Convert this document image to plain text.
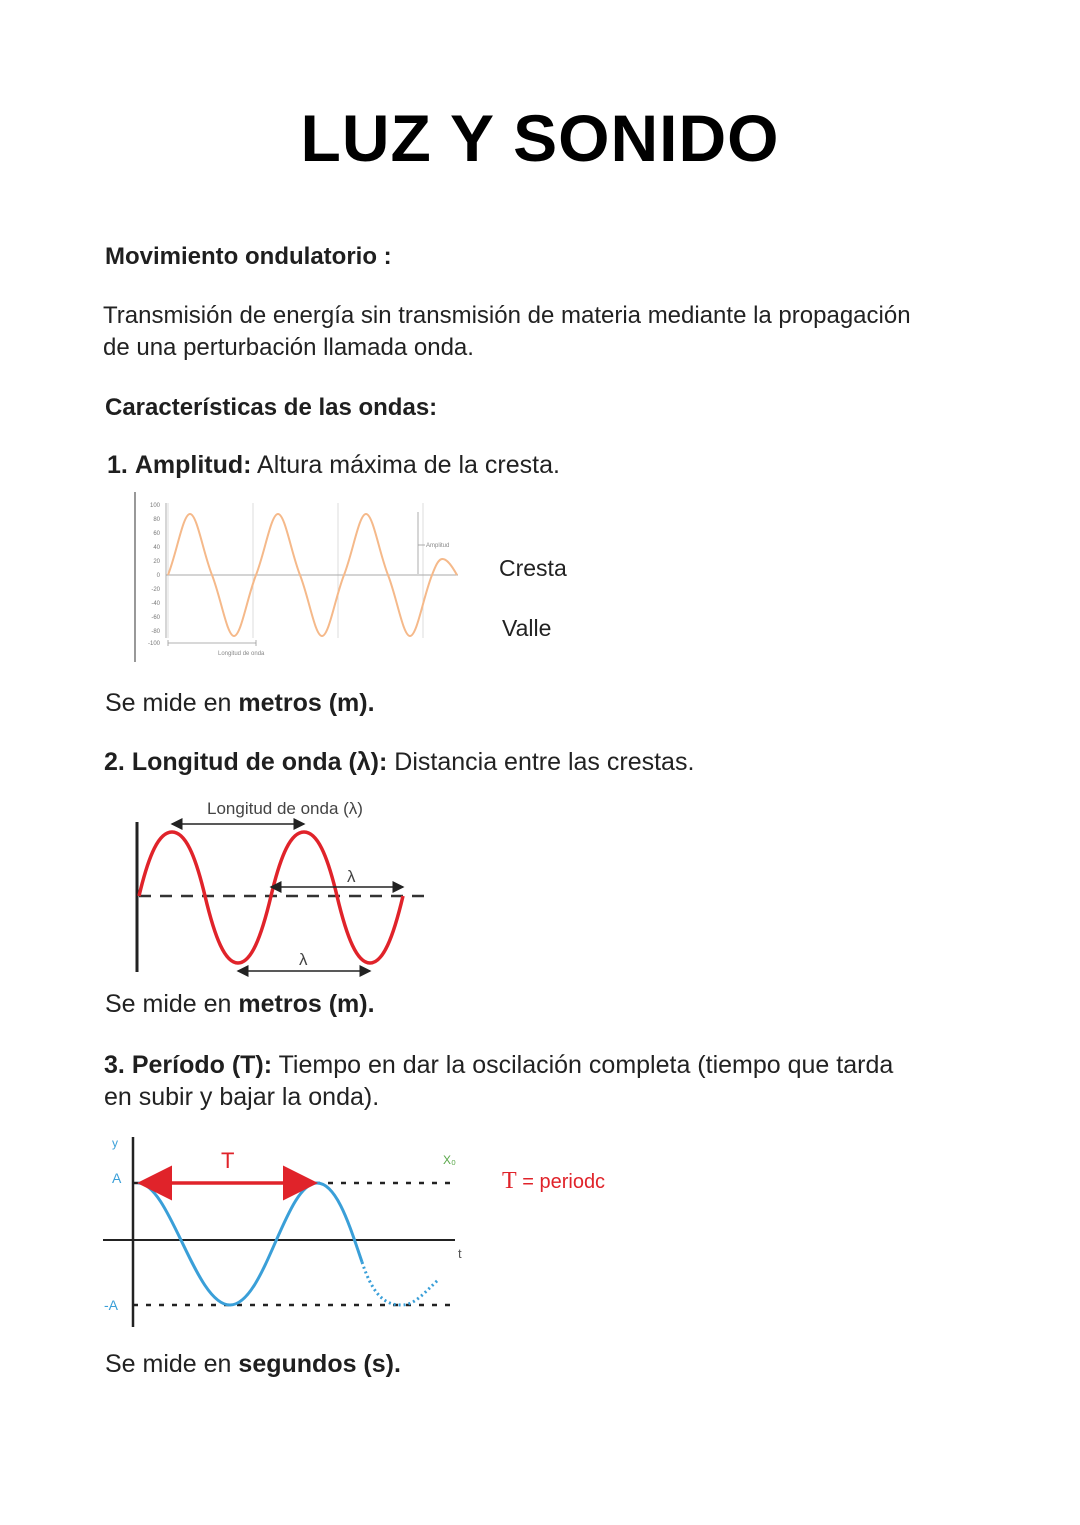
LUZ Y SONIDO
Movimiento ondulatorio :
Transmisión de energía sin transmisión de materia mediante la propagación
de una perturbación llamada onda.
Características de las ondas:
1. Amplitud: Altura máxima de la cresta.
100
80
60
40
20
0
-20
-40
-60
-80
-100
Amplitud
Longitud de onda
Cresta
Valle
Se mide en metros (m).
2. Longitud de onda (λ): Distancia entre las crestas.
Longitud de onda (λ)
λ
λ
Se mide en metros (m).
3. Período (T): Tiempo en dar la oscilación completa (tiempo que tarda
en subir y bajar la onda).
y
A
-A
t
T	X₀
T = periodc
Se mide en segundos (s).
